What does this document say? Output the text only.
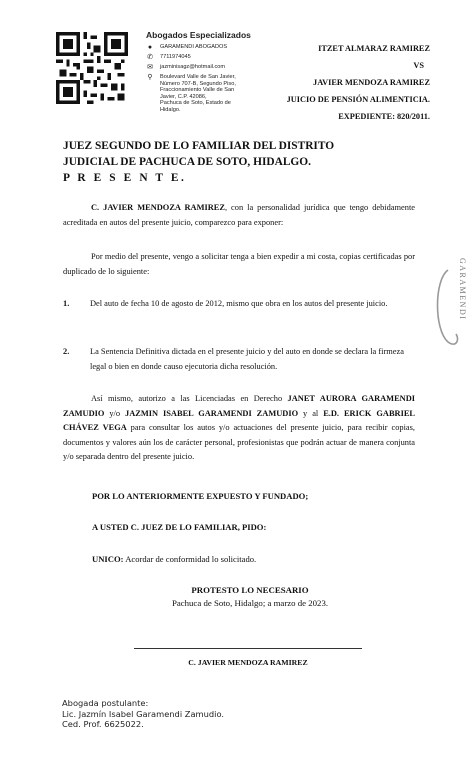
Abogados Especializados
●	GARAMENDI ABOGADOS
✆ 7711974045
✉ jazminisagz@hotmail.com
⚲ Boulevard Valle de San Javier,
Número 707-B, Segundo Piso,
Fraccionamiento Valle de San
Javier, C.P. 42086,
Pachuca de Soto, Estado de
Hidalgo.
ITZET ALMARAZ RAMIREZ
VS
JAVIER MENDOZA RAMIREZ
JUICIO DE PENSIÓN ALIMENTICIA.
EXPEDIENTE: 820/2011.
JUEZ SEGUNDO DE LO FAMILIAR DEL DISTRITO
JUDICIAL DE PACHUCA DE SOTO, HIDALGO.
P R E S E N T E.
C. JAVIER MENDOZA RAMIREZ, con la personalidad jurídica que tengo debidamente acreditada en autos del presente juicio, comparezco para exponer:
Por medio del presente, vengo a solicitar tenga a bien expedir a mi costa, copias certificadas por duplicado de lo siguiente:
1. Del auto de fecha 10 de agosto de 2012, mismo que obra en los autos del presente juicio.
2. La Sentencia Definitiva dictada en el presente juicio y del auto en donde se declara la firmeza legal o bien en donde causo ejecutoria dicha resolución.
Así mismo, autorizo a las Licenciadas en Derecho JANET AURORA GARAMENDI ZAMUDIO y/o JAZMIN ISABEL GARAMENDI ZAMUDIO y al E.D. ERICK GABRIEL CHÁVEZ VEGA para consultar los autos y/o actuaciones del presente juicio, para recibir copias, documentos y valores aún los de carácter personal, profesionistas que podrán actuar de manera conjunta y/o separada dentro del presente juicio.
POR LO ANTERIORMENTE EXPUESTO Y FUNDADO;
A USTED C. JUEZ DE LO FAMILIAR, PIDO:
UNICO: Acordar de conformidad lo solicitado.
PROTESTO LO NECESARIO
Pachuca de Soto, Hidalgo; a marzo de 2023.
C. JAVIER MENDOZA RAMIREZ
Abogada postulante:
Lic. Jazmín Isabel Garamendi Zamudio.
Ced. Prof. 6625022.
GARAMENDI
